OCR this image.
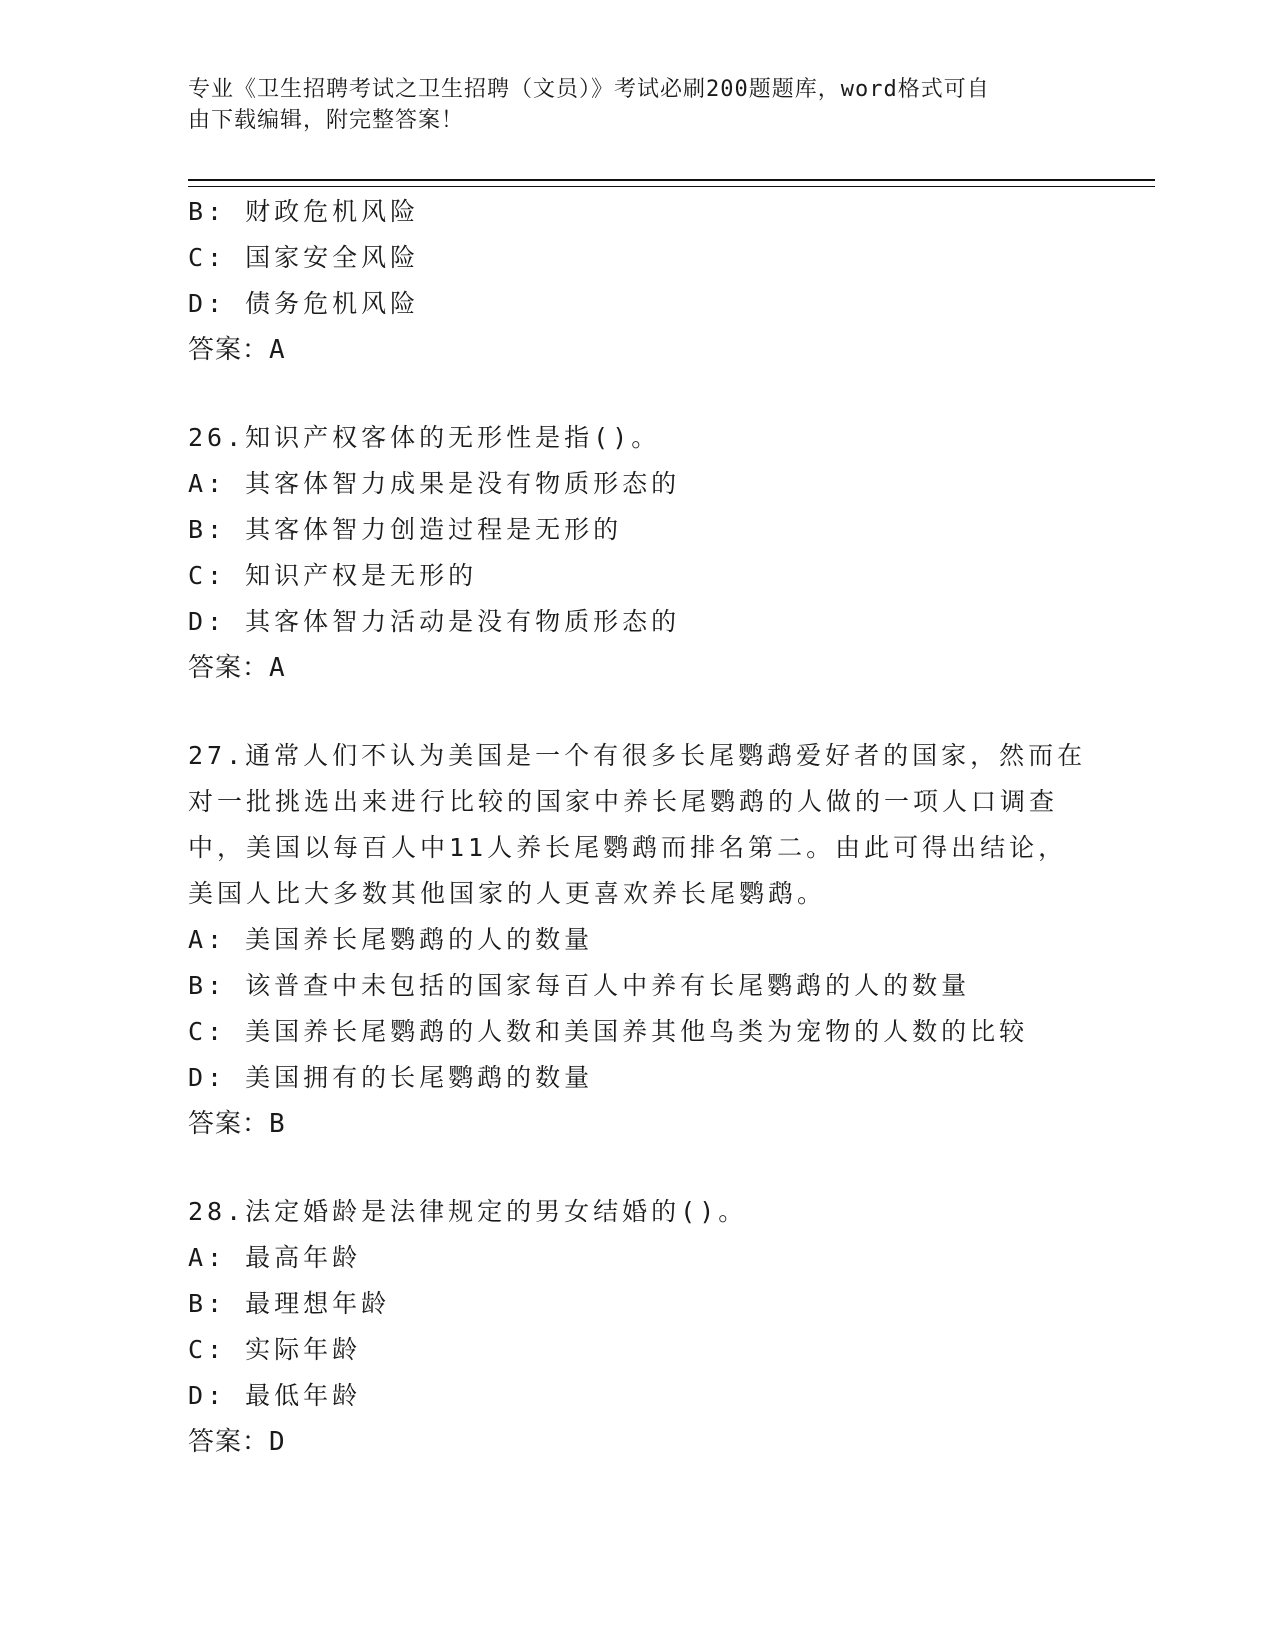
专业《卫生招聘考试之卫生招聘（文员）》考试必刷200题题库，word格式可自
由下载编辑，附完整答案！
B: 财政危机风险
C: 国家安全风险
D: 债务危机风险
答案：A
26.知识产权客体的无形性是指()。
A: 其客体智力成果是没有物质形态的
B: 其客体智力创造过程是无形的
C: 知识产权是无形的
D: 其客体智力活动是没有物质形态的
答案：A
27.通常人们不认为美国是一个有很多长尾鹦鹉爱好者的国家，然而在
对一批挑选出来进行比较的国家中养长尾鹦鹉的人做的一项人口调查
中，美国以每百人中11人养长尾鹦鹉而排名第二。由此可得出结论，
美国人比大多数其他国家的人更喜欢养长尾鹦鹉。
A: 美国养长尾鹦鹉的人的数量
B: 该普查中未包括的国家每百人中养有长尾鹦鹉的人的数量
C: 美国养长尾鹦鹉的人数和美国养其他鸟类为宠物的人数的比较
D: 美国拥有的长尾鹦鹉的数量
答案：B
28.法定婚龄是法律规定的男女结婚的()。
A: 最高年龄
B: 最理想年龄
C: 实际年龄
D: 最低年龄
答案：D
